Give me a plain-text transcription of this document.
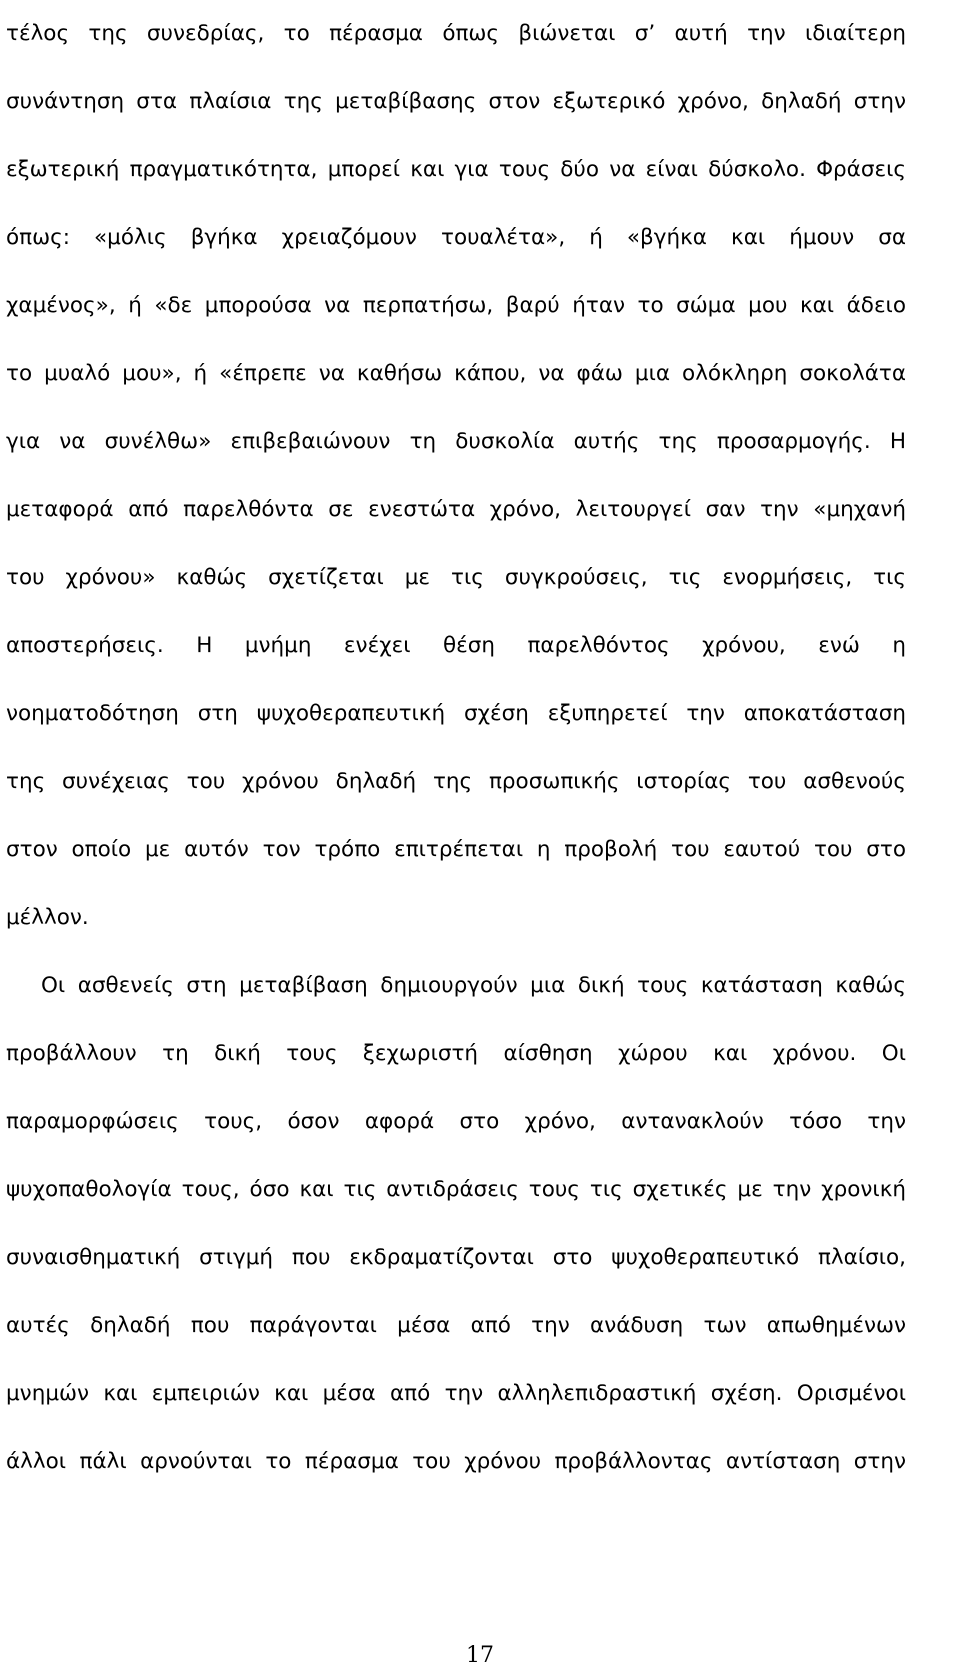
τέλος της συνεδρίας, το πέρασμα όπως βιώνεται σ’ αυτή την ιδιαίτερη
συνάντηση στα πλαίσια της μεταβίβασης στον εξωτερικό χρόνο, δηλαδή στην
εξωτερική πραγματικότητα, μπορεί και για τους δύο να είναι δύσκολο. Φράσεις
όπως: «μόλις βγήκα χρειαζόμουν τουαλέτα», ή «βγήκα και ήμουν σα
χαμένος», ή «δε μπορούσα να περπατήσω, βαρύ ήταν το σώμα μου και άδειο
το μυαλό μου», ή «έπρεπε να καθήσω κάπου, να φάω μια ολόκληρη σοκολάτα
για να συνέλθω» επιβεβαιώνουν τη δυσκολία αυτής της προσαρμογής. Η
μεταφορά από παρελθόντα σε ενεστώτα χρόνο, λειτουργεί σαν την «μηχανή
του χρόνου» καθώς σχετίζεται με τις συγκρούσεις, τις ενορμήσεις, τις
αποστερήσεις. Η μνήμη ενέχει θέση παρελθόντος χρόνου, ενώ η
νοηματοδότηση στη ψυχοθεραπευτική σχέση εξυπηρετεί την αποκατάσταση
της συνέχειας του χρόνου δηλαδή της προσωπικής ιστορίας του ασθενούς
στον οποίο με αυτόν τον τρόπο επιτρέπεται η προβολή του εαυτού του στο
μέλλον.
Οι ασθενείς στη μεταβίβαση δημιουργούν μια δική τους κατάσταση καθώς
προβάλλουν τη δική τους ξεχωριστή αίσθηση χώρου και χρόνου. Οι
παραμορφώσεις τους, όσον αφορά στο χρόνο, αντανακλούν τόσο την
ψυχοπαθολογία τους, όσο και τις αντιδράσεις τους τις σχετικές με την χρονική
συναισθηματική στιγμή που εκδραματίζονται στο ψυχοθεραπευτικό πλαίσιο,
αυτές δηλαδή που παράγονται μέσα από την ανάδυση των απωθημένων
μνημών και εμπειριών και μέσα από την αλληλεπιδραστική σχέση. Ορισμένοι
άλλοι πάλι αρνούνται το πέρασμα του χρόνου προβάλλοντας αντίσταση στην
17
